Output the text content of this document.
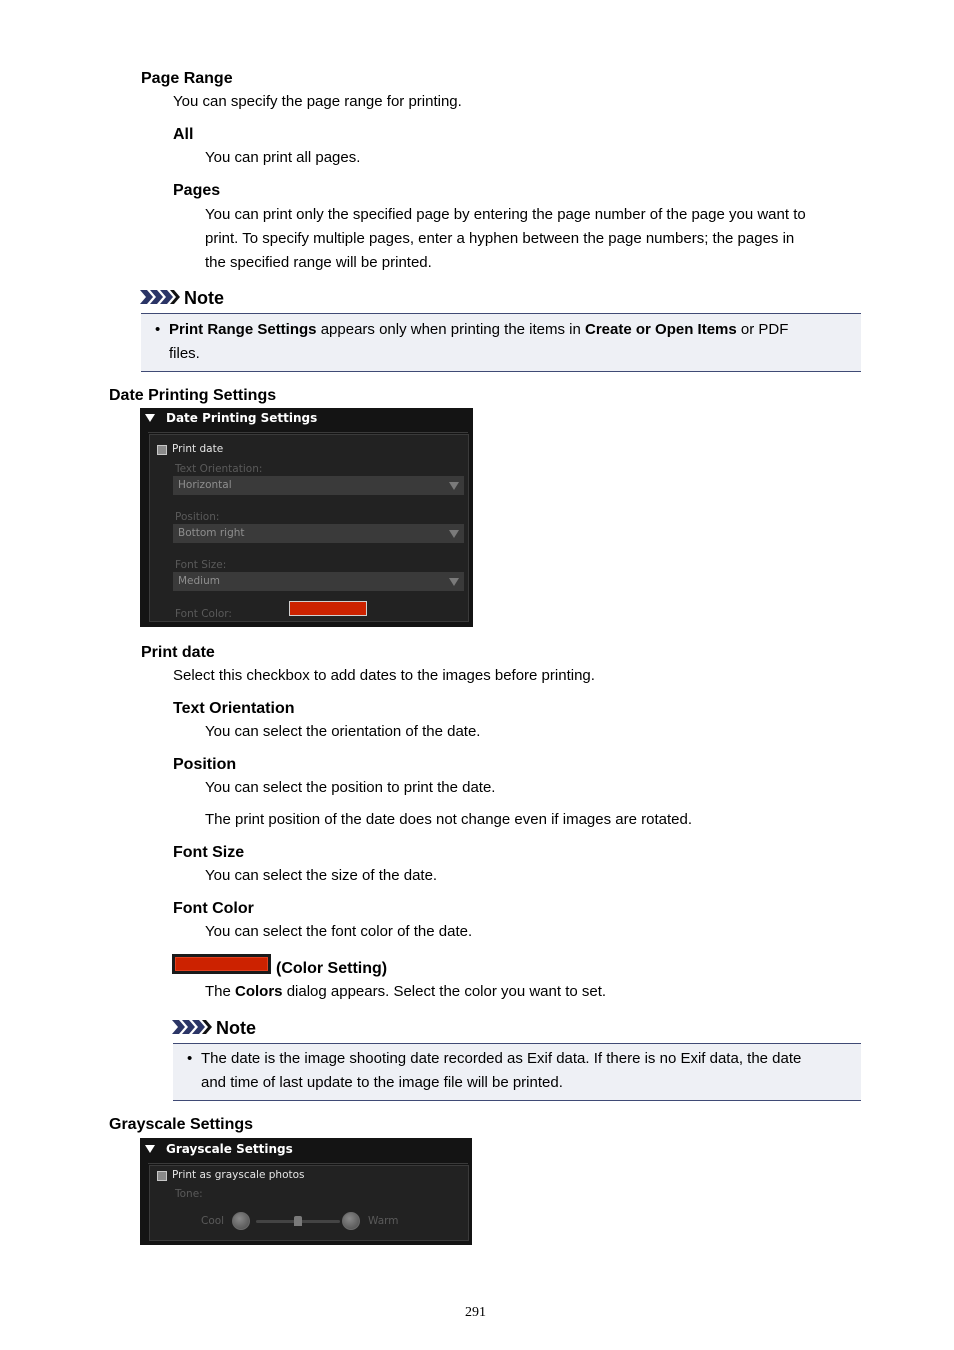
Page Range
You can specify the page range for printing.
All
You can print all pages.
Pages
You can print only the specified page by entering the page number of the page you want to
print. To specify multiple pages, enter a hyphen between the page numbers; the pages in
the specified range will be printed.
Note
• Print Range Settings appears only when printing the items in Create or Open Items or PDF
files.
Date Printing Settings
Date Printing Settings
Print date
Text Orientation:
Horizontal
Position:
Bottom right
Font Size:
Medium
Font Color:
Print date
Select this checkbox to add dates to the images before printing.
Text Orientation
You can select the orientation of the date.
Position
You can select the position to print the date.
The print position of the date does not change even if images are rotated.
Font Size
You can select the size of the date.
Font Color
You can select the font color of the date.
(Color Setting)
The Colors dialog appears. Select the color you want to set.
Note
• The date is the image shooting date recorded as Exif data. If there is no Exif data, the date
and time of last update to the image file will be printed.
Grayscale Settings
Grayscale Settings
Print as grayscale photos
Tone:
Cool	Warm
291
